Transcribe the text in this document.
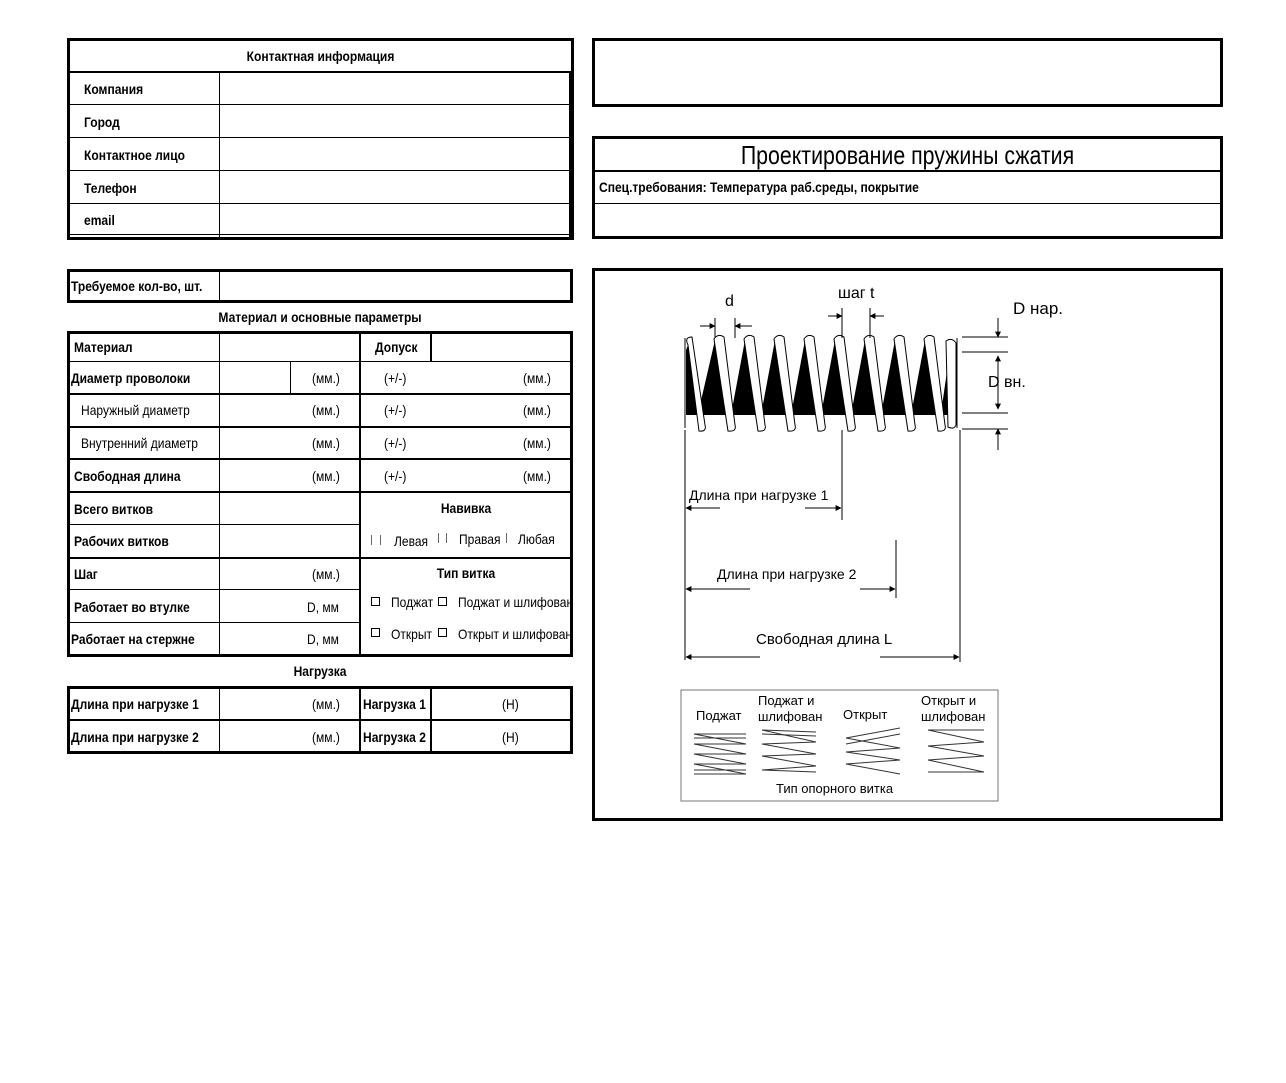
Контактная информация
Компания
Город
Контактное лицо
Телефон
email
Требуемое кол-во, шт.
Материал и основные параметры
Материал	Допуск
Диаметр проволоки	(мм.)	(+/-)	(мм.)
Наружный диаметр	(мм.)	(+/-)	(мм.)
Внутренний диаметр	(мм.)	(+/-)	(мм.)
Свободная длина	(мм.)	(+/-)	(мм.)
Всего витков	Навивка
Рабочих витков	Левая Правая Любая
Шаг	(мм.)	Тип витка
Работает во втулке	D, мм	Поджат Поджат и шлифован
Работает на стержне	D, мм	Открыт Открыт и шлифован
Нагрузка
Длина при нагрузке 1	(мм.) Нагрузка 1	(Н)
Длина при нагрузке 2	(мм.) Нагрузка 2	(Н)
Проектирование пружины сжатия
Спец.требования: Температура раб.среды, покрытие
d	шаг t
D нар.
D вн.
Длина при нагрузке 1
Длина при нагрузке 2
Свободная длина L
Поджат
Поджат и
шлифован Открыт
Открыт и
шлифован
Тип опорного витка
